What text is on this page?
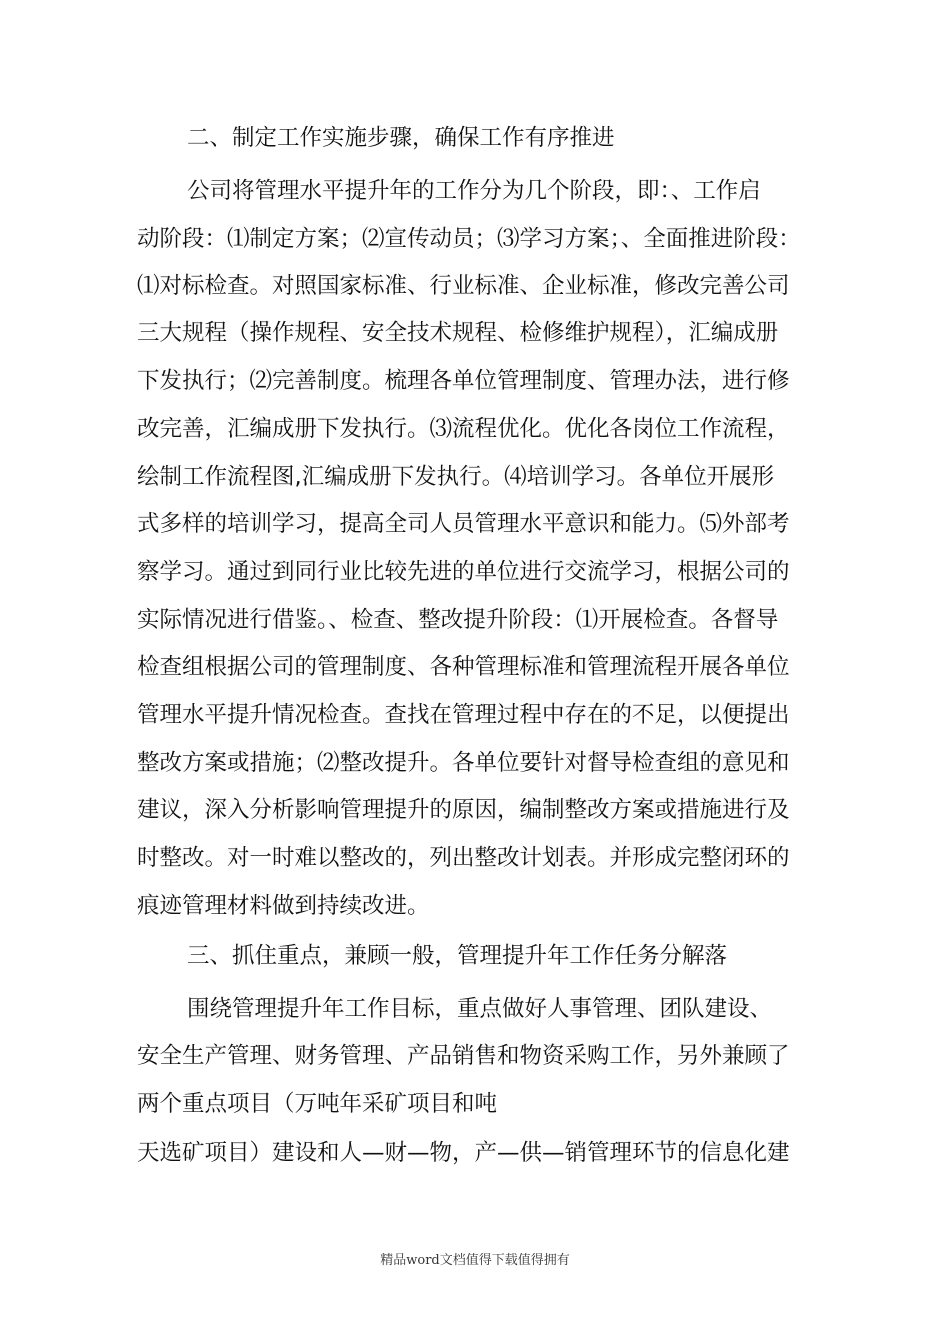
二、制定工作实施步骤，确保工作有序推进
公司将管理水平提升年的工作分为几个阶段，即：、工作启
动阶段：⑴制定方案；⑵宣传动员；⑶学习方案；、全面推进阶段：
⑴对标检查。对照国家标准、行业标准、企业标准，修改完善公司
三大规程（操作规程、安全技术规程、检修维护规程），汇编成册
下发执行；⑵完善制度。梳理各单位管理制度、管理办法，进行修
改完善，汇编成册下发执行。⑶流程优化。优化各岗位工作流程，
绘制工作流程图,汇编成册下发执行。⑷培训学习。各单位开展形
式多样的培训学习，提高全司人员管理水平意识和能力。⑸外部考
察学习。通过到同行业比较先进的单位进行交流学习，根据公司的
实际情况进行借鉴。、检查、整改提升阶段：⑴开展检查。各督导
检查组根据公司的管理制度、各种管理标准和管理流程开展各单位
管理水平提升情况检查。查找在管理过程中存在的不足，以便提出
整改方案或措施；⑵整改提升。各单位要针对督导检查组的意见和
建议，深入分析影响管理提升的原因，编制整改方案或措施进行及
时整改。对一时难以整改的，列出整改计划表。并形成完整闭环的
痕迹管理材料做到持续改进。
三、抓住重点，兼顾一般，管理提升年工作任务分解落
围绕管理提升年工作目标，重点做好人事管理、团队建设、
安全生产管理、财务管理、产品销售和物资采购工作，另外兼顾了
两个重点项目（万吨年采矿项目和吨
天选矿项目）建设和人—财—物，产—供—销管理环节的信息化建
精品word文档值得下载值得拥有
